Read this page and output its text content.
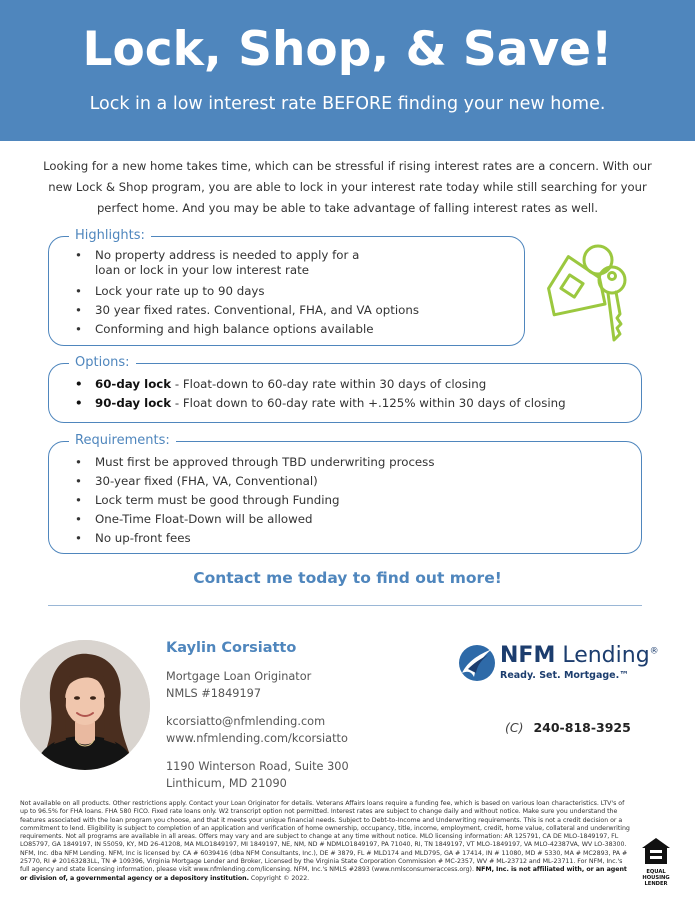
Lock, Shop, & Save!
Lock in a low interest rate BEFORE finding your new home.

Looking for a new home takes time, which can be stressful if rising interest rates are a concern. With our new Lock & Shop program, you are able to lock in your interest rate today while still searching for your perfect home. And you may be able to take advantage of falling interest rates as well.

Highlights:
• No property address is needed to apply for a loan or lock in your low interest rate
• Lock your rate up to 90 days
• 30 year fixed rates. Conventional, FHA, and VA options
• Conforming and high balance options available
Options:
• 60-day lock - Float-down to 60-day rate within 30 days of closing
• 90-day lock - Float down to 60-day rate with +.125% within 30 days of closing
Requirements:
• Must first be approved through TBD underwriting process
• 30-year fixed (FHA, VA, Conventional)
• Lock term must be good through Funding
• One-Time Float-Down will be allowed
• No up-front fees
Contact me today to find out more!
Kaylin Corsiatto
Mortgage Loan Originator
NMLS #1849197
kcorsiatto@nfmlending.com
www.nfmlending.com/kcorsiatto
1190 Winterson Road, Suite 300
Linthicum, MD 21090
NFM Lending®
Ready. Set. Mortgage.™
(C) 240-818-3925

Not available on all products. Other restrictions apply. Contact your Loan Originator for details. Veterans Affairs loans require a funding fee, which is based on various loan characteristics. LTV's of up to 96.5% for FHA loans. FHA 580 FICO. Fixed rate loans only. W2 transcript option not permitted. Interest rates are subject to change daily and without notice. Make sure you understand the features associated with the loan program you choose, and that it meets your unique financial needs. Subject to Debt-to-Income and Underwriting requirements. This is not a credit decision or a commitment to lend. Eligibility is subject to completion of an application and verification of home ownership, occupancy, title, income, employment, credit, home value, collateral and underwriting requirements. Not all programs are available in all areas. Offers may vary and are subject to change at any time without notice. MLO licensing information: AR 125791, CA DE MLO-1849197, FL LO85797, GA 1849197, IN 55059, KY, MD 26-41208, MA MLO1849197, MI 1849197, NE, NM, ND # NDMLO1849197, PA 71040, RI, TN 1849197, VT MLO-1849197, VA MLO-42387VA, WV LO-38300. NFM, Inc. dba NFM Lending. NFM, Inc is licensed by: CA # 6039416 (dba NFM Consultants, Inc.), DE # 3879, FL # MLD174 and MLD795, GA # 17414, IN # 11080, MD # 5330, MA # MC2893, PA # 25770, RI # 20163283LL, TN # 109396, Virginia Mortgage Lender and Broker, Licensed by the Virginia State Corporation Commission # MC-2357, WV # ML-23712 and ML-23711. For NFM, Inc.'s full agency and state licensing information, please visit www.nfmlending.com/licensing. NFM, Inc.'s NMLS #2893 (www.nmlsconsumeraccess.org). NFM, Inc. is not affiliated with, or an agent or division of, a governmental agency or a depository institution. Copyright © 2022.

EQUAL HOUSING
LENDER
